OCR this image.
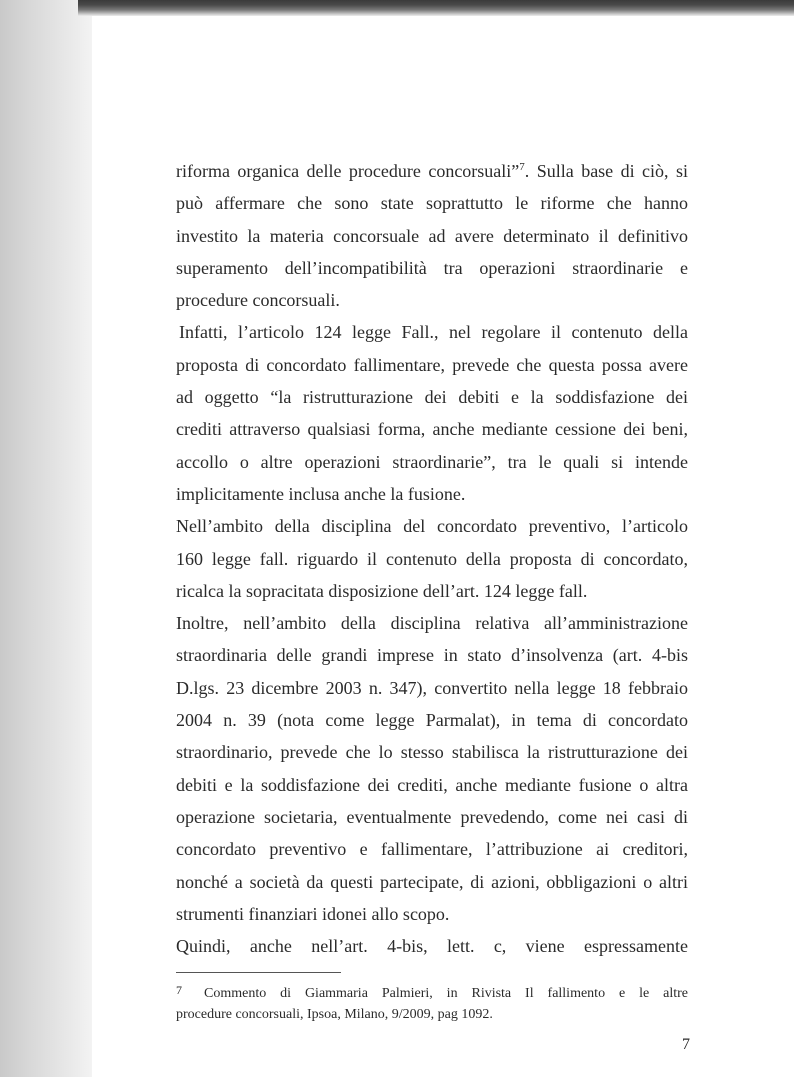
riforma organica delle procedure concorsuali”$^7$. Sulla base di ciò, si
può affermare che sono state soprattutto le riforme che hanno
investito la materia concorsuale ad avere determinato il definitivo
superamento dell’incompatibilità tra operazioni straordinarie e
procedure concorsuali.
Infatti, l’articolo 124 legge Fall., nel regolare il contenuto della
proposta di concordato fallimentare, prevede che questa possa avere
ad oggetto “la ristrutturazione dei debiti e la soddisfazione dei
crediti attraverso qualsiasi forma, anche mediante cessione dei beni,
accollo o altre operazioni straordinarie”, tra le quali si intende
implicitamente inclusa anche la fusione.
Nell’ambito della disciplina del concordato preventivo, l’articolo
160 legge fall. riguardo il contenuto della proposta di concordato,
ricalca la sopracitata disposizione dell’art. 124 legge fall.
Inoltre, nell’ambito della disciplina relativa all’amministrazione
straordinaria delle grandi imprese in stato d’insolvenza (art. 4-bis
D.lgs. 23 dicembre 2003 n. 347), convertito nella legge 18 febbraio
2004 n. 39 (nota come legge Parmalat), in tema di concordato
straordinario, prevede che lo stesso stabilisca la ristrutturazione dei
debiti e la soddisfazione dei crediti, anche mediante fusione o altra
operazione societaria, eventualmente prevedendo, come nei casi di
concordato preventivo e fallimentare, l’attribuzione ai creditori,
nonché a società da questi partecipate, di azioni, obbligazioni o altri
strumenti finanziari idonei allo scopo.
Quindi, anche nell’art. 4-bis, lett. c, viene espressamente
7 Commento di Giammaria Palmieri, in Rivista Il fallimento e le altre
procedure concorsuali, Ipsoa, Milano, 9/2009, pag 1092.
7
